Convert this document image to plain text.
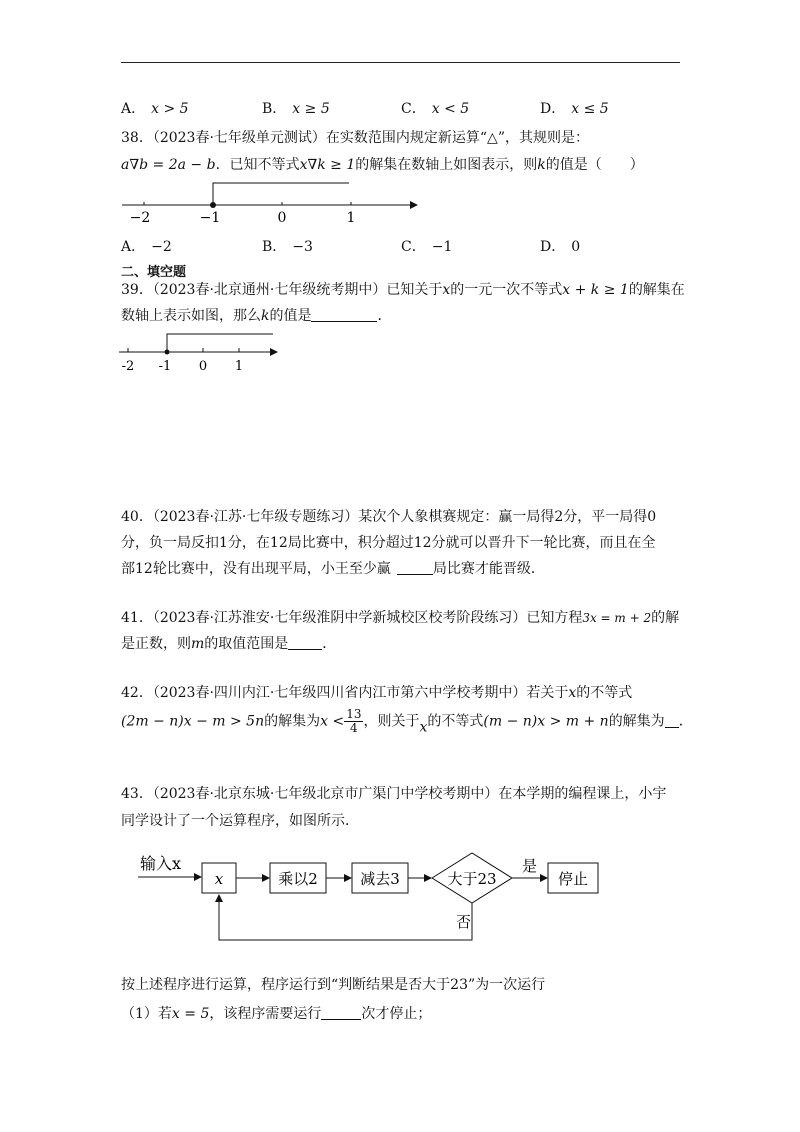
A． x > 5	B． x ≥ 5	C． x < 5	D． x ≤ 5
38．（2023春·七年级单元测试）在实数范围内规定新运算“△”，其规则是：
a∇b = 2a − b．已知不等式x∇k ≥ 1的解集在数轴上如图表示，则k的值是（　　）
−2	−1	0	1
A． −2	B． −3	C． −1	D． 0
二、填空题
39．（2023春·北京通州·七年级统考期中）已知关于x的一元一次不等式x + k ≥ 1的解集在
数轴上表示如图，那么k的值是	．
-2 -1 0 1
40．（2023春·江苏·七年级专题练习）某次个人象棋赛规定：赢一局得2分，平一局得0
分，负一局反扣1分，在12局比赛中，积分超过12分就可以晋升下一轮比赛，而且在全
部12轮比赛中，没有出现平局，小王至少赢	局比赛才能晋级．
41．（2023春·江苏淮安·七年级淮阴中学新城校区校考阶段练习）已知方程3x = m + 2的解
是正数，则m的取值范围是 ．
42．（2023春·四川内江·七年级四川省内江市第六中学校考期中）若关于x的不等式
(2m − n)x − m > 5n的解集为$x < \frac{13}{4}$ ，则关于x的不等式(m − n)x > m + n的解集为 ．
43．（2023春·北京东城·七年级北京市广渠门中学校考期中）在本学期的编程课上，小宇
同学设计了一个运算程序，如图所示．
输入x
x	乘以2	减去3	大于23
是
停止
否
按上述程序进行运算，程序运行到“判断结果是否大于23”为一次运行
（1）若x = 5，该程序需要运行	次才停止；
